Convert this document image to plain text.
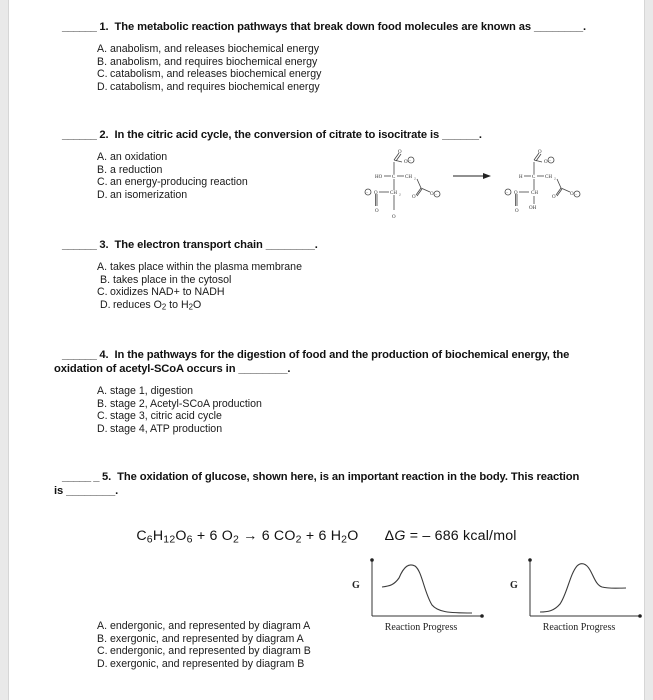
______ 1. The metabolic reaction pathways that break down food molecules are known as ________.
A. anabolism, and releases biochemical energy
B. anabolism, and requires biochemical energy
C. catabolism, and releases biochemical energy
D. catabolism, and requires biochemical energy
______ 2. In the citric acid cycle, the conversion of citrate to isocitrate is ______.
A. an oxidation
B. a reduction
C. an energy-producing reaction
D. an isomerization
O
O −
HO C CH 2
CH 2
O
−
O
O
O −
O
O
O −
H C CH 2
CH

OH
O
−
O
O
O −
______ 3. The electron transport chain ________.
A. takes place within the plasma membrane
B. takes place in the cytosol
C. oxidizes NAD+ to NADH
D. reduces $O_2$ to $H_2O$
______ 4. In the pathways for the digestion of food and the production of biochemical energy, the
oxidation of acetyl-SCoA occurs in ________.
A. stage 1, digestion
B. stage 2, Acetyl-SCoA production
C. stage 3, citric acid cycle
D. stage 4, ATP production
_____ _ 5. The oxidation of glucose, shown here, is an important reaction in the body. This reaction
is ________.
$C_6H_{12}O_6 + 6$ $O_2 \to 6$ $CO_2 + 6$ $H_2O$ ΔG = – 686 kcal/mol
G
Reaction Progress
G
Reaction Progress
A. endergonic, and represented by diagram A
B. exergonic, and represented by diagram A
C. endergonic, and represented by diagram B
D. exergonic, and represented by diagram B
